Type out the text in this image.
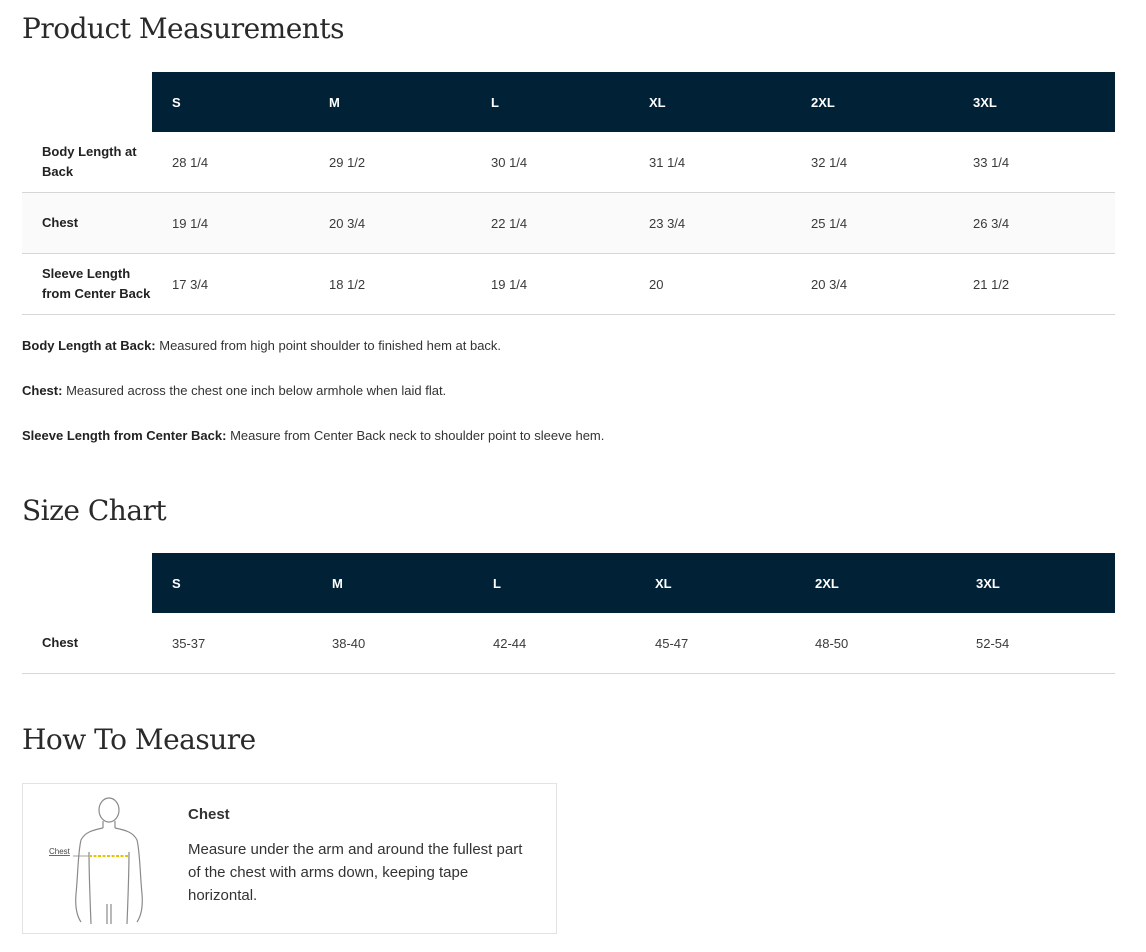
Product Measurements
	S	M	L	XL	2XL	3XL
Body Length at Back	28 1/4	29 1/2	30 1/4	31 1/4	32 1/4	33 1/4
Chest	19 1/4	20 3/4	22 1/4	23 3/4	25 1/4	26 3/4
Sleeve Length from Center Back	17 3/4	18 1/2	19 1/4	20	20 3/4	21 1/2

Body Length at Back: Measured from high point shoulder to finished hem at back.

Chest: Measured across the chest one inch below armhole when laid flat.

Sleeve Length from Center Back: Measure from Center Back neck to shoulder point to sleeve hem.

Size Chart
	S	M	L	XL	2XL	3XL
Chest	35-37	38-40	42-44	45-47	48-50	52-54
How To Measure
Chest
Chest
Measure under the arm and around the fullest part of the chest with arms down, keeping tape horizontal.
